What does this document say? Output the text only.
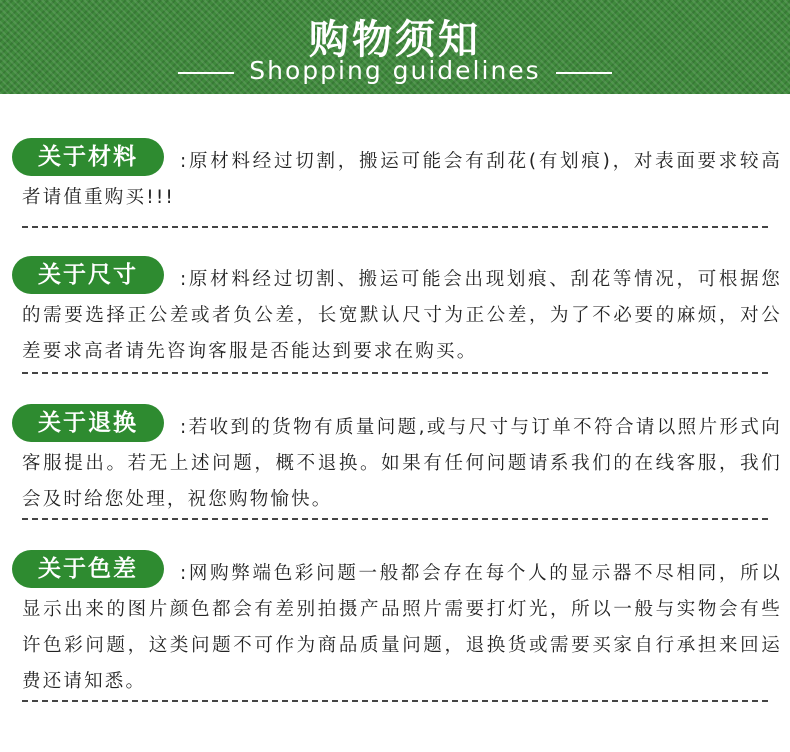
购物须知
Shopping guidelines
关于材料	:原材料经过切割，搬运可能会有刮花(有划痕)，对表面要求较高者请值重购买!!!

关于尺寸	:原材料经过切割、搬运可能会出现划痕、刮花等情况，可根据您的需要选择正公差或者负公差，长宽默认尺寸为正公差，为了不必要的麻烦，对公差要求高者请先咨询客服是否能达到要求在购买。

关于退换	:若收到的货物有质量问题,或与尺寸与订单不符合请以照片形式向客服提出。若无上述问题，概不退换。如果有任何问题请系我们的在线客服，我们会及时给您处理，祝您购物愉快。

关于色差	:网购弊端色彩问题一般都会存在每个人的显示器不尽相同，所以显示出来的图片颜色都会有差别拍摄产品照片需要打灯光，所以一般与实物会有些许色彩问题，这类问题不可作为商品质量问题，退换货或需要买家自行承担来回运费还请知悉。
